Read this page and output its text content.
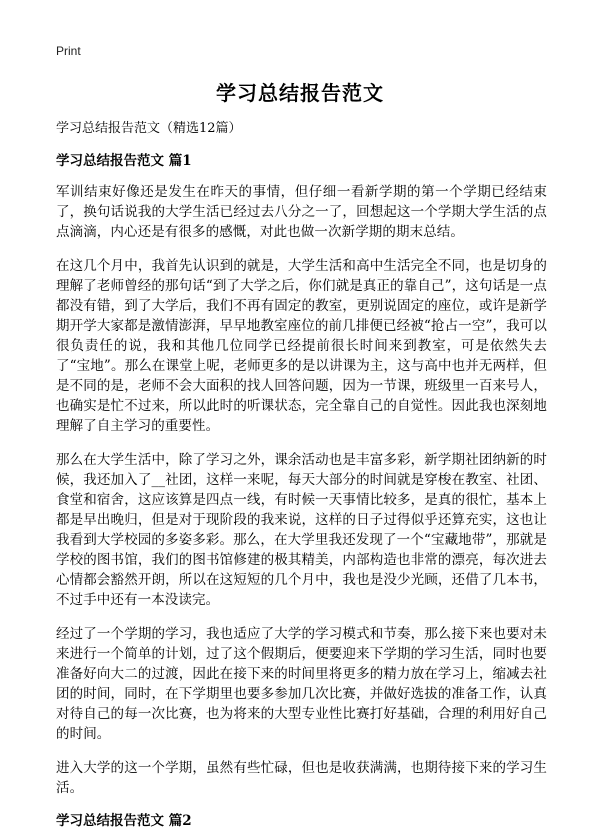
Print
学习总结报告范文

学习总结报告范文（精选12篇）

学习总结报告范文 篇1

军训结束好像还是发生在昨天的事情，但仔细一看新学期的第一个学期已经结束了，换句话说我的大学生活已经过去八分之一了，回想起这一个学期大学生活的点点滴滴，内心还是有很多的感慨，对此也做一次新学期的期末总结。

在这几个月中，我首先认识到的就是，大学生活和高中生活完全不同，也是切身的理解了老师曾经的那句话“到了大学之后，你们就是真正的靠自己”，这句话是一点都没有错，到了大学后，我们不再有固定的教室，更别说固定的座位，或许是新学期开学大家都是激情澎湃，早早地教室座位的前几排便已经被“抢占一空”，我可以很负责任的说，我和其他几位同学已经提前很长时间来到教室，可是依然失去了“宝地”。那么在课堂上呢，老师更多的是以讲课为主，这与高中也并无两样，但是不同的是，老师不会大面积的找人回答问题，因为一节课，班级里一百来号人，也确实是忙不过来，所以此时的听课状态，完全靠自己的自觉性。因此我也深刻地理解了自主学习的重要性。

那么在大学生活中，除了学习之外，课余活动也是丰富多彩，新学期社团纳新的时候，我还加入了__社团，这样一来呢，每天大部分的时间就是穿梭在教室、社团、食堂和宿舍，这应该算是四点一线，有时候一天事情比较多，是真的很忙，基本上都是早出晚归，但是对于现阶段的我来说，这样的日子过得似乎还算充实，这也让我看到大学校园的多姿多彩。那么，在大学里我还发现了一个“宝藏地带”，那就是学校的图书馆，我们的图书馆修建的极其精美，内部构造也非常的漂亮，每次进去心情都会豁然开朗，所以在这短短的几个月中，我也是没少光顾，还借了几本书，不过手中还有一本没读完。

经过了一个学期的学习，我也适应了大学的学习模式和节奏，那么接下来也要对未来进行一个简单的计划，过了这个假期后，便要迎来下学期的学习生活，同时也要准备好向大二的过渡，因此在接下来的时间里将更多的精力放在学习上，缩减去社团的时间，同时，在下学期里也要多参加几次比赛，并做好选拔的准备工作，认真对待自己的每一次比赛，也为将来的大型专业性比赛打好基础，合理的利用好自己的时间。

进入大学的这一个学期，虽然有些忙碌，但也是收获满满，也期待接下来的学习生活。

学习总结报告范文 篇2
